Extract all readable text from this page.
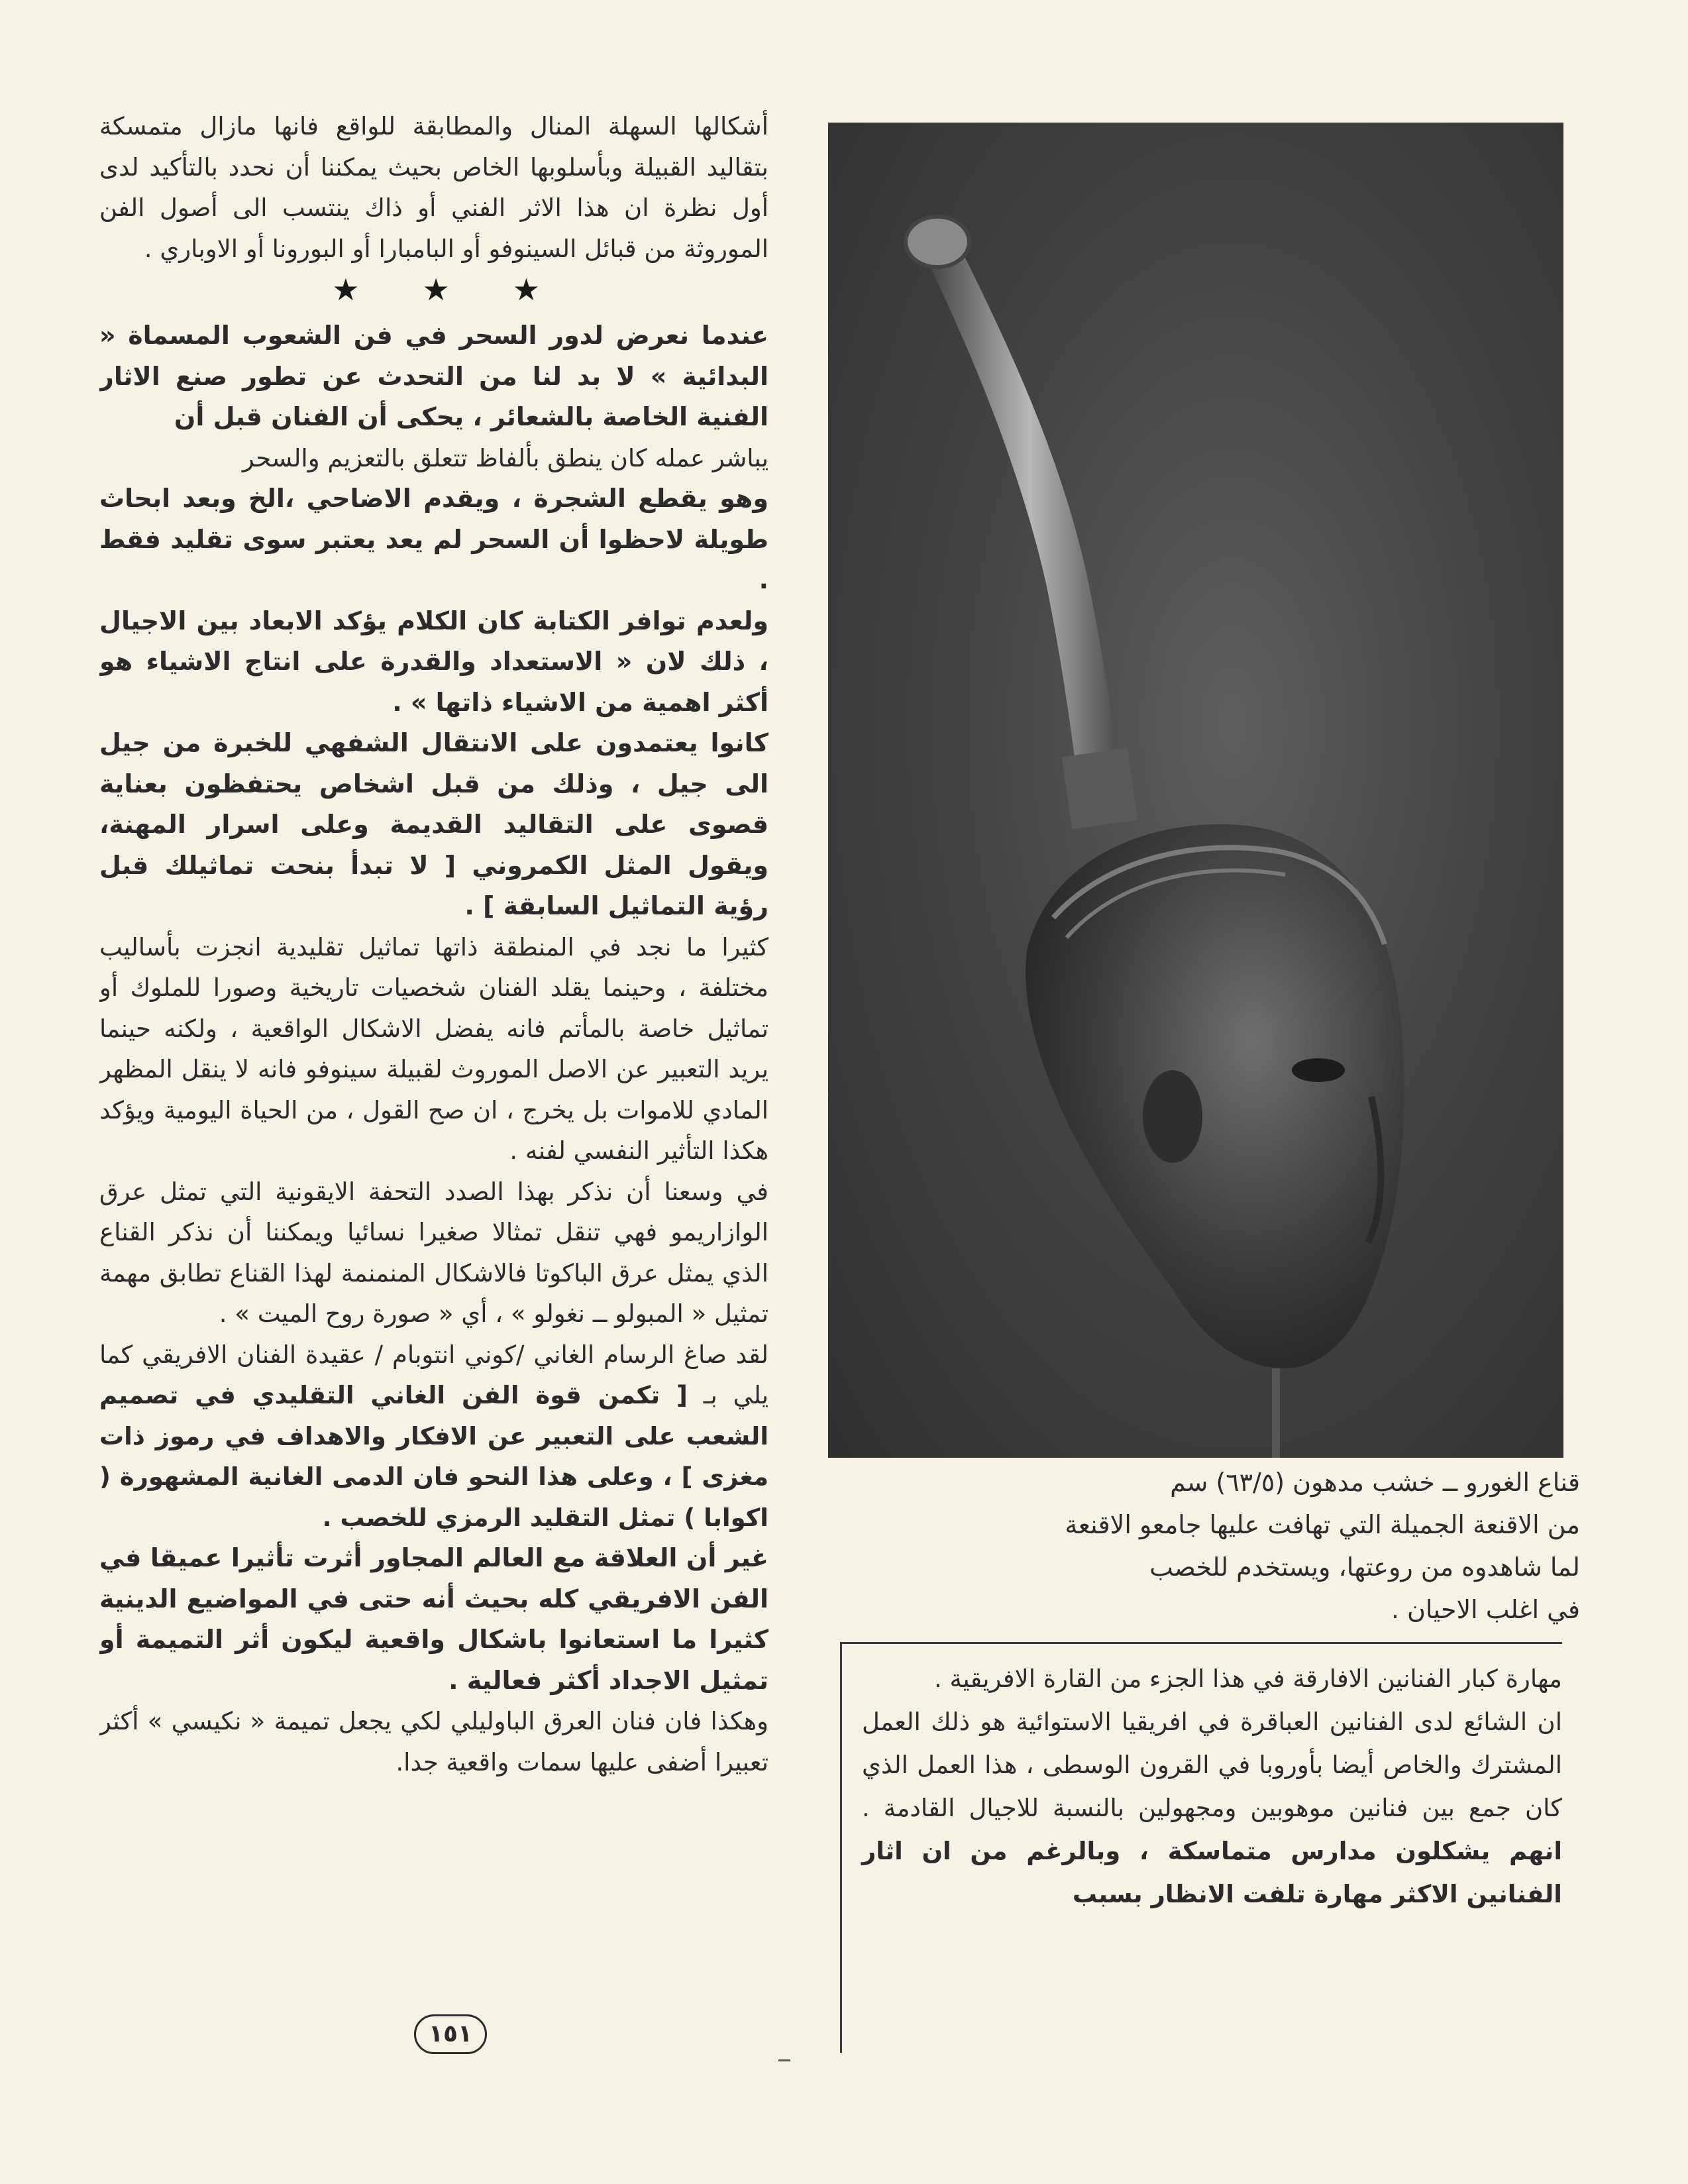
أشكالها السهلة المنال والمطابقة للواقع فانها مازال متمسكة بتقاليد القبيلة وبأسلوبها الخاص بحيث يمكننا أن نحدد بالتأكيد لدى أول نظرة ان هذا الاثر الفني أو ذاك ينتسب الى أصول الفن الموروثة من قبائل السينوفو أو البامبارا أو البورونا أو الاوباري .

★★★

عندما نعرض لدور السحر في فن الشعوب المسماة « البدائية » لا بد لنا من التحدث عن تطور صنع الاثار الفنية الخاصة بالشعائر ، يحكى أن الفنان قبل أن

يباشر عمله كان ينطق بألفاظ تتعلق بالتعزيم والسحر

وهو يقطع الشجرة ، ويقدم الاضاحي ،الخ وبعد ابحاث طويلة لاحظوا أن السحر لم يعد يعتبر سوى تقليد فقط .

ولعدم توافر الكتابة كان الكلام يؤكد الابعاد بين الاجيال ، ذلك لان « الاستعداد والقدرة على انتاج الاشياء هو أكثر اهمية من الاشياء ذاتها » .

كانوا يعتمدون على الانتقال الشفهي للخبرة من جيل الى جيل ، وذلك من قبل اشخاص يحتفظون بعناية قصوى على التقاليد القديمة وعلى اسرار المهنة، ويقول المثل الكمروني [ لا تبدأ بنحت تماثيلك قبل رؤية التماثيل السابقة ] .

كثيرا ما نجد في المنطقة ذاتها تماثيل تقليدية انجزت بأساليب مختلفة ، وحينما يقلد الفنان شخصيات تاريخية وصورا للملوك أو تماثيل خاصة بالمأتم فانه يفضل الاشكال الواقعية ، ولكنه حينما يريد التعبير عن الاصل الموروث لقبيلة سينوفو فانه لا ينقل المظهر المادي للاموات بل يخرج ، ان صح القول ، من الحياة اليومية ويؤكد هكذا التأثير النفسي لفنه .

في وسعنا أن نذكر بهذا الصدد التحفة الايقونية التي تمثل عرق الوازاريمو فهي تنقل تمثالا صغيرا نسائيا ويمكننا أن نذكر القناع الذي يمثل عرق الباكوتا فالاشكال المنمنمة لهذا القناع تطابق مهمة تمثيل « المبولو ــ نغولو » ، أي « صورة روح الميت » .

لقد صاغ الرسام الغاني /كوني انتوبام / عقيدة الفنان الافريقي كما يلي بـ [ تكمن قوة الفن الغاني التقليدي في تصميم الشعب على التعبير عن الافكار والاهداف في رموز ذات مغزى ] ، وعلى هذا النحو فان الدمى الغانية المشهورة ( اكوابا ) تمثل التقليد الرمزي للخصب .

غير أن العلاقة مع العالم المجاور أثرت تأثيرا عميقا في الفن الافريقي كله بحيث أنه حتى في المواضيع الدينية كثيرا ما استعانوا باشكال واقعية ليكون أثر التميمة أو تمثيل الاجداد أكثر فعالية .

وهكذا فان فنان العرق الباوليلي لكي يجعل تميمة « نكيسي » أكثر تعبيرا أضفى عليها سمات واقعية جدا.

قناع الغورو ــ خشب مدهون (٦٣/٥) سم

من الاقنعة الجميلة التي تهافت عليها جامعو الاقنعة

لما شاهدوه من روعتها، ويستخدم للخصب

في اغلب الاحيان .

مهارة كبار الفنانين الافارقة في هذا الجزء من القارة الافريقية .

ان الشائع لدى الفنانين العباقرة في افريقيا الاستوائية هو ذلك العمل المشترك والخاص أيضا بأوروبا في القرون الوسطى ، هذا العمل الذي كان جمع بين فنانين موهوبين ومجهولين بالنسبة للاجيال القادمة . انهم يشكلون مدارس متماسكة ، وبالرغم من ان اثار الفنانين الاكثر مهارة تلفت الانظار بسبب

١٥١
